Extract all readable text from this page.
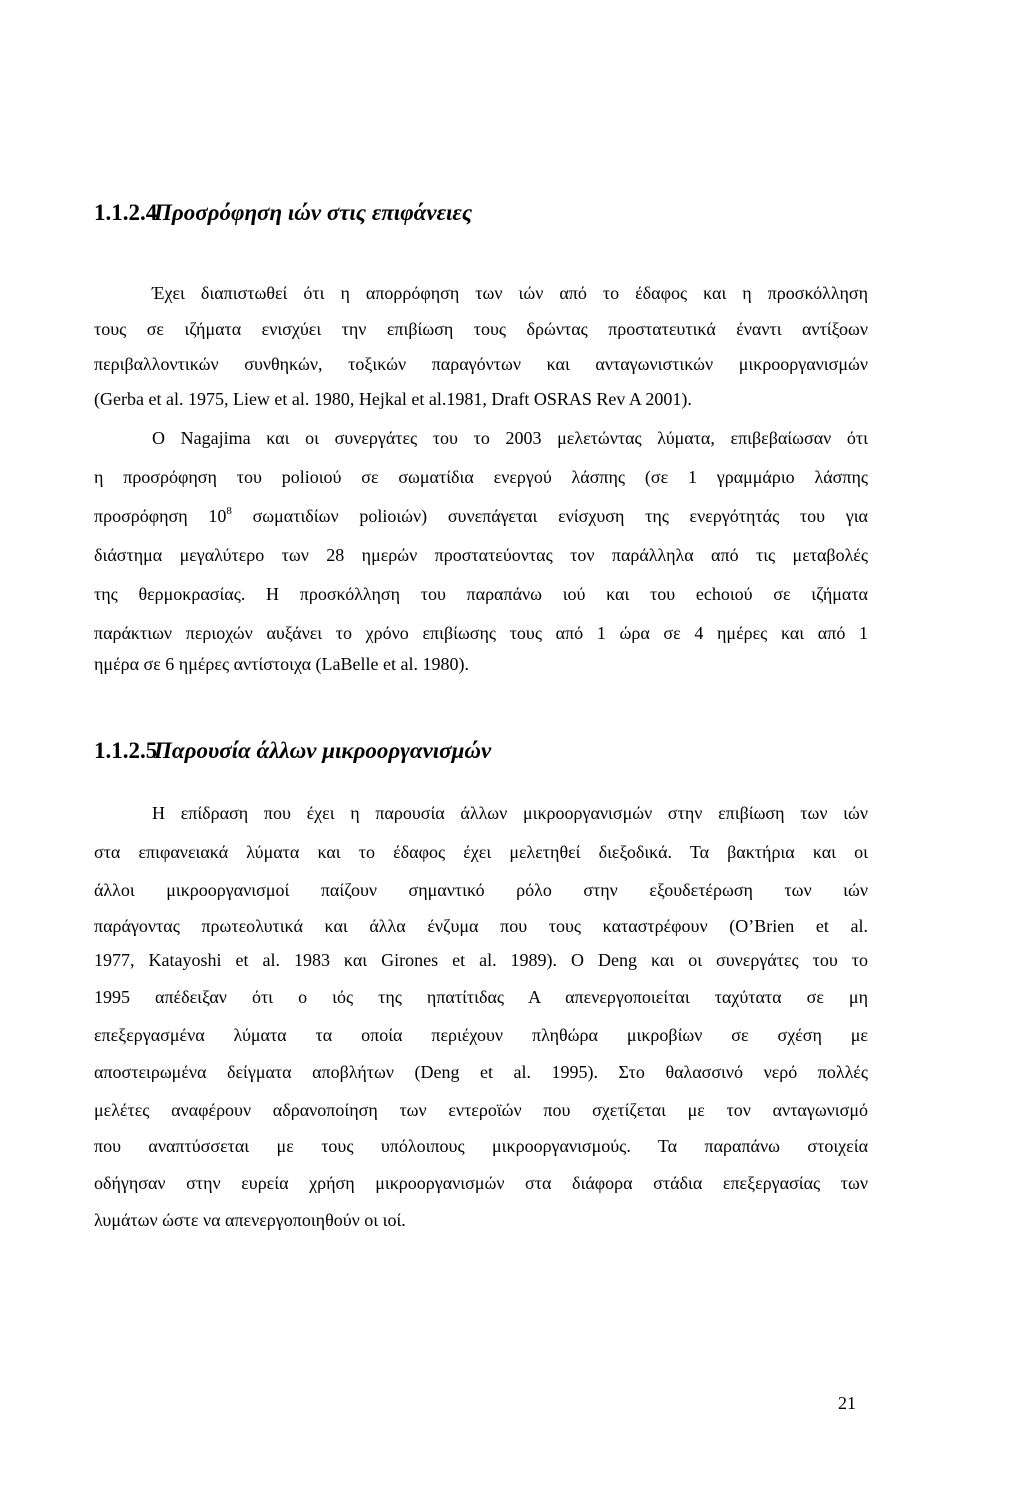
1.1.2.4Προσρόφηση ιών στις επιφάνειες
Έχει διαπιστωθεί ότι η απορρόφηση των ιών από το έδαφος και η προσκόλληση
τους σε ιζήματα ενισχύει την επιβίωση τους δρώντας προστατευτικά έναντι αντίξοων
περιβαλλοντικών συνθηκών, τοξικών παραγόντων και ανταγωνιστικών μικροοργανισμών
(Gerba et al. 1975, Liew et al. 1980, Hejkal et al.1981, Draft OSRAS Rev A 2001).
Ο Nagajima και οι συνεργάτες του το 2003 μελετώντας λύματα, επιβεβαίωσαν ότι
η προσρόφηση του polioιού σε σωματίδια ενεργού λάσπης (σε 1 γραμμάριο λάσπης
προσρόφηση $10^8$ σωματιδίων polioιών) συνεπάγεται ενίσχυση της ενεργότητάς του για
διάστημα μεγαλύτερο των 28 ημερών προστατεύοντας τον παράλληλα από τις μεταβολές
της θερμοκρασίας. Η προσκόλληση του παραπάνω ιού και του echoιού σε ιζήματα
παράκτιων περιοχών αυξάνει το χρόνο επιβίωσης τους από 1 ώρα σε 4 ημέρες και από 1
ημέρα σε 6 ημέρες αντίστοιχα (LaBelle et al. 1980).
1.1.2.5Παρουσία άλλων μικροοργανισμών
Η επίδραση που έχει η παρουσία άλλων μικροοργανισμών στην επιβίωση των ιών
στα επιφανειακά λύματα και το έδαφος έχει μελετηθεί διεξοδικά. Τα βακτήρια και οι
άλλοι μικροοργανισμοί παίζουν σημαντικό ρόλο στην εξουδετέρωση των ιών
παράγοντας πρωτεολυτικά και άλλα ένζυμα που τους καταστρέφουν (O’Brien et al.
1977, Katayoshi et al. 1983 και Girones et al. 1989). Ο Deng και οι συνεργάτες του το
1995 απέδειξαν ότι ο ιός της ηπατίτιδας Α απενεργοποιείται ταχύτατα σε μη
επεξεργασμένα λύματα τα οποία περιέχουν πληθώρα μικροβίων σε σχέση με
αποστειρωμένα δείγματα αποβλήτων (Deng et al. 1995). Στο θαλασσινό νερό πολλές
μελέτες αναφέρουν αδρανοποίηση των εντεροϊών που σχετίζεται με τον ανταγωνισμό
που αναπτύσσεται με τους υπόλοιπους μικροοργανισμούς. Τα παραπάνω στοιχεία
οδήγησαν στην ευρεία χρήση μικροοργανισμών στα διάφορα στάδια επεξεργασίας των
λυμάτων ώστε να απενεργοποιηθούν οι ιοί.
21
